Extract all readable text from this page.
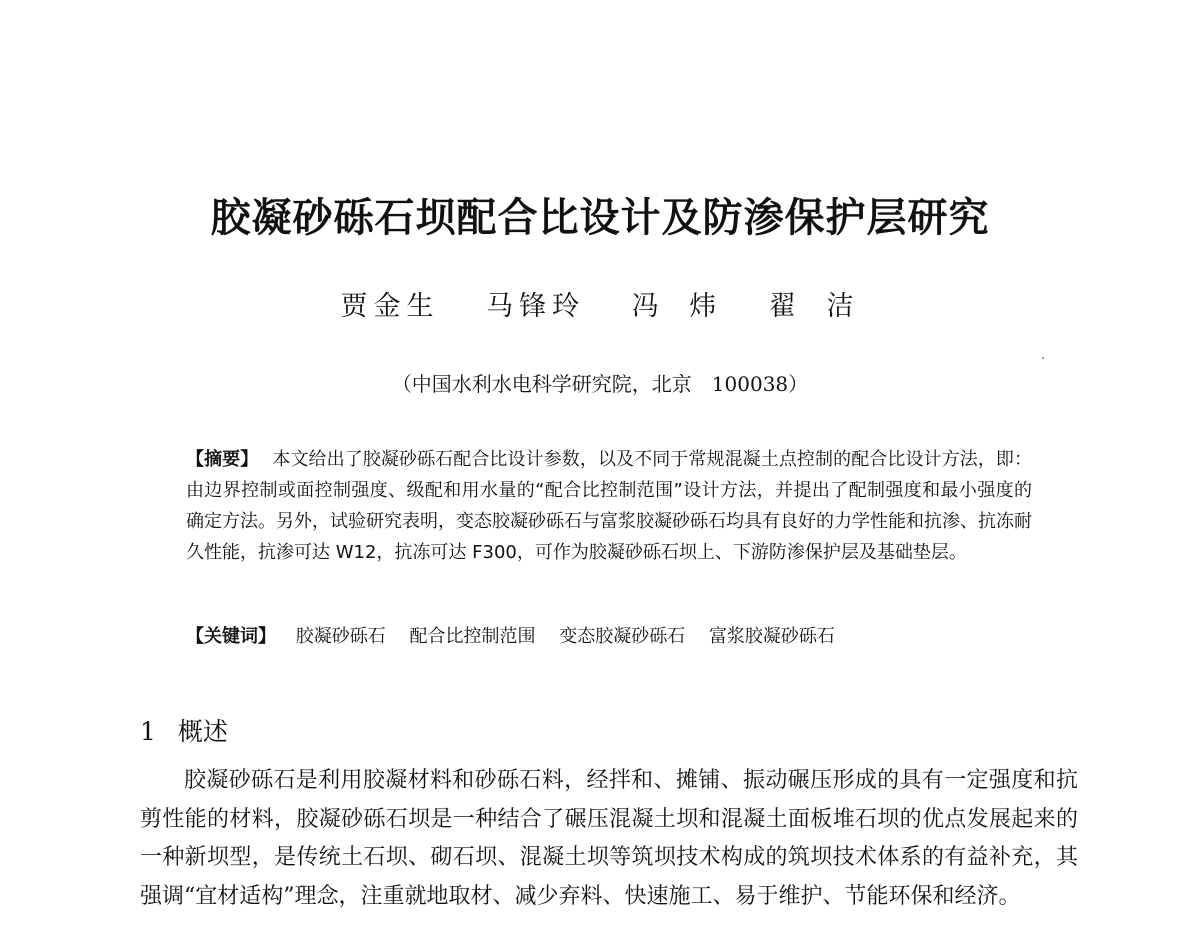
胶凝砂砾石坝配合比设计及防渗保护层研究
贾金生 马锋玲 冯 炜 翟 洁
（中国水利水电科学研究院，北京　100038）

【摘要】 本文给出了胶凝砂砾石配合比设计参数，以及不同于常规混凝土点控制的配合比设计方法，即：由边界控制或面控制强度、级配和用水量的“配合比控制范围”设计方法，并提出了配制强度和最小强度的确定方法。另外，试验研究表明，变态胶凝砂砾石与富浆胶凝砂砾石均具有良好的力学性能和抗渗、抗冻耐久性能，抗渗可达 W12，抗冻可达 F300，可作为胶凝砂砾石坝上、下游防渗保护层及基础垫层。

【关键词】 胶凝砂砾石 配合比控制范围 变态胶凝砂砾石 富浆胶凝砂砾石

1 概述

胶凝砂砾石是利用胶凝材料和砂砾石料，经拌和、摊铺、振动碾压形成的具有一定强度和抗剪性能的材料，胶凝砂砾石坝是一种结合了碾压混凝土坝和混凝土面板堆石坝的优点发展起来的一种新坝型，是传统土石坝、砌石坝、混凝土坝等筑坝技术构成的筑坝技术体系的有益补充，其强调“宜材适构”理念，注重就地取材、减少弃料、快速施工、易于维护、节能环保和经济。
